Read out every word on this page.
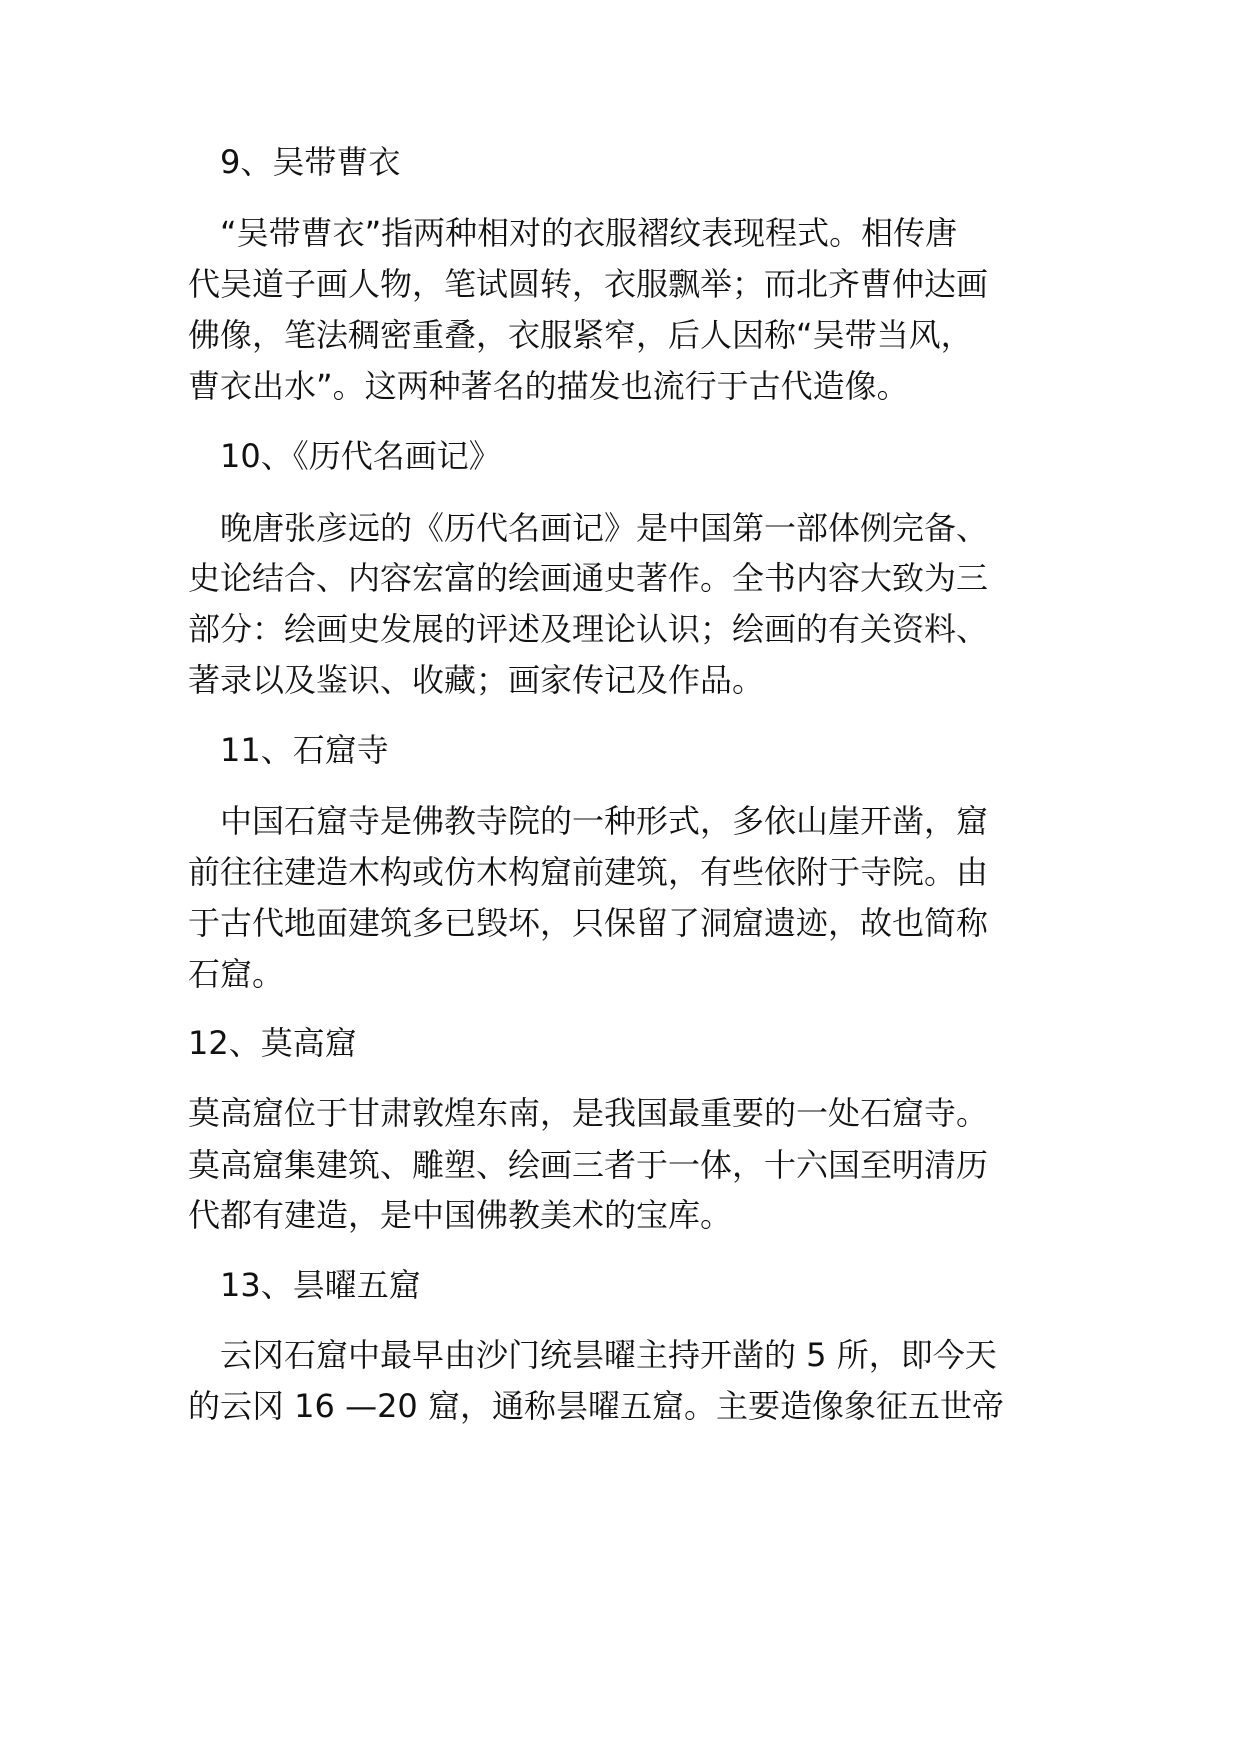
　9、吴带曹衣

　“吴带曹衣”指两种相对的衣服褶纹表现程式。相传唐

代吴道子画人物，笔试圆转，衣服飘举；而北齐曹仲达画

佛像，笔法稠密重叠，衣服紧窄，后人因称“吴带当风，

曹衣出水”。这两种著名的描发也流行于古代造像。

　10、《历代名画记》

　晚唐张彦远的《历代名画记》是中国第一部体例完备、

史论结合、内容宏富的绘画通史著作。全书内容大致为三

部分：绘画史发展的评述及理论认识；绘画的有关资料、

著录以及鉴识、收藏；画家传记及作品。

　11、石窟寺

　中国石窟寺是佛教寺院的一种形式，多依山崖开凿，窟

前往往建造木构或仿木构窟前建筑，有些依附于寺院。由

于古代地面建筑多已毁坏，只保留了洞窟遗迹，故也简称

石窟。

12、莫高窟

莫高窟位于甘肃敦煌东南，是我国最重要的一处石窟寺。

莫高窟集建筑、雕塑、绘画三者于一体，十六国至明清历

代都有建造，是中国佛教美术的宝库。

　13、昙曜五窟

　云冈石窟中最早由沙门统昙曜主持开凿的 5 所，即今天

的云冈 16 —20 窟，通称昙曜五窟。主要造像象征五世帝
